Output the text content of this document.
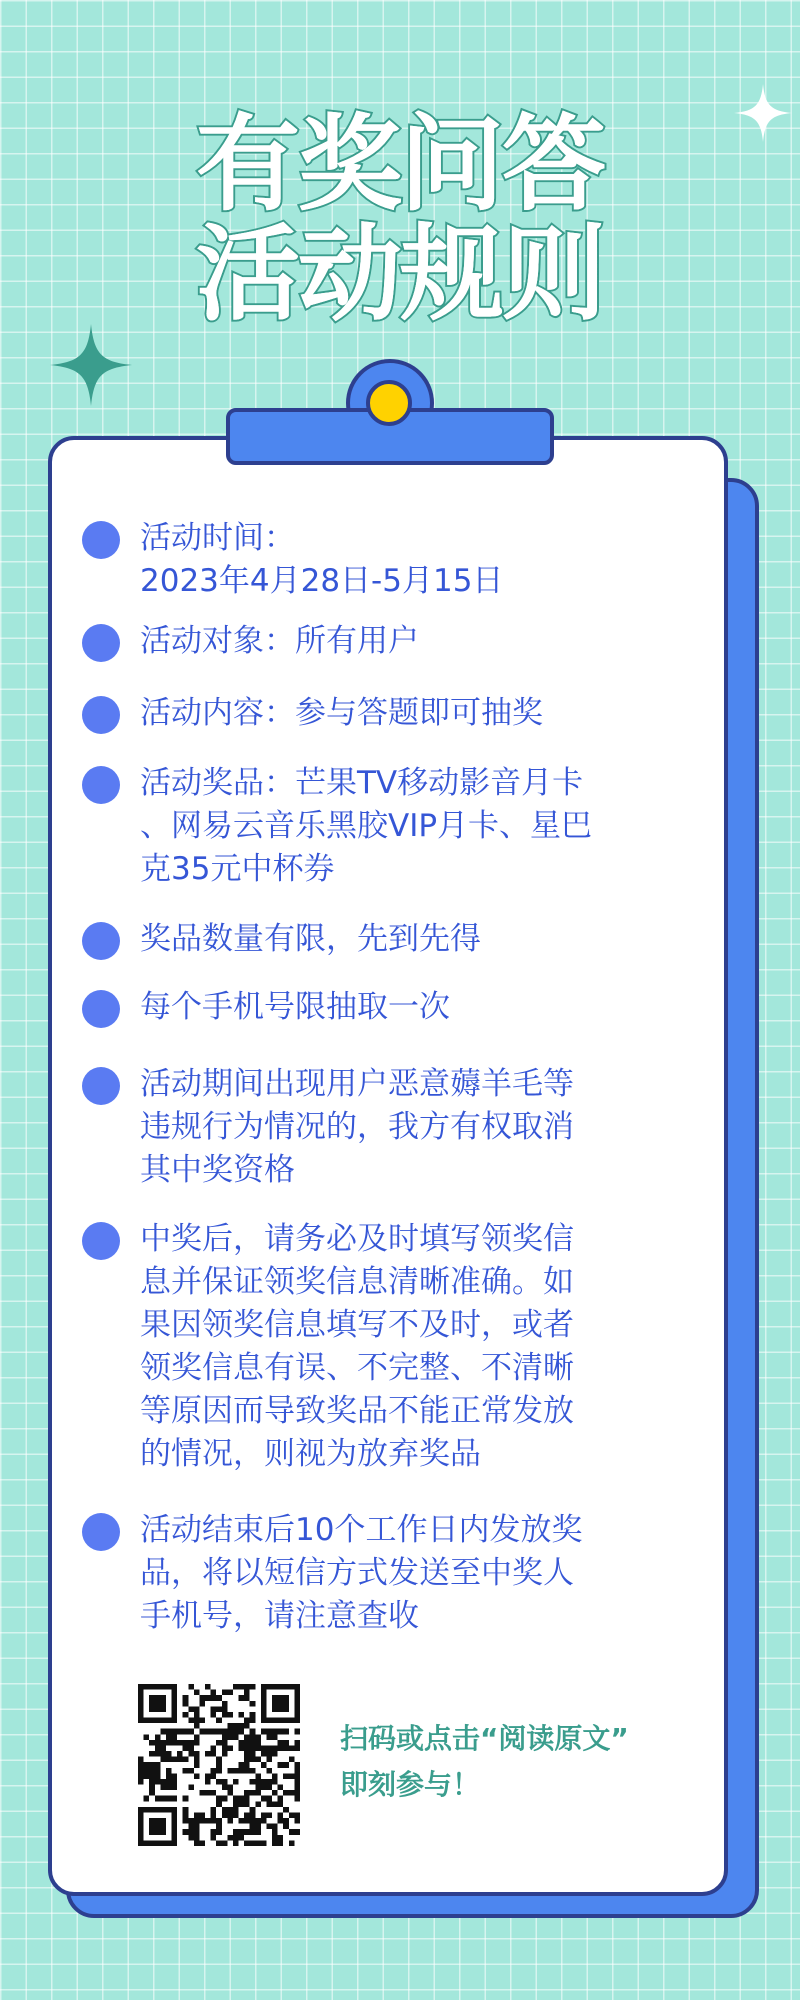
有奖问答
活动规则
活动时间：
2023年4月28日-5月15日
活动对象：所有用户
活动内容：参与答题即可抽奖
活动奖品：芒果TV移动影音月卡
、网易云音乐黑胶VIP月卡、星巴
克35元中杯券
奖品数量有限，先到先得
每个手机号限抽取一次
活动期间出现用户恶意薅羊毛等
违规行为情况的，我方有权取消
其中奖资格
中奖后，请务必及时填写领奖信
息并保证领奖信息清晰准确。如
果因领奖信息填写不及时，或者
领奖信息有误、不完整、不清晰
等原因而导致奖品不能正常发放
的情况，则视为放弃奖品
活动结束后10个工作日内发放奖
品，将以短信方式发送至中奖人
手机号，请注意查收
扫码或点击“阅读原文”
即刻参与！
